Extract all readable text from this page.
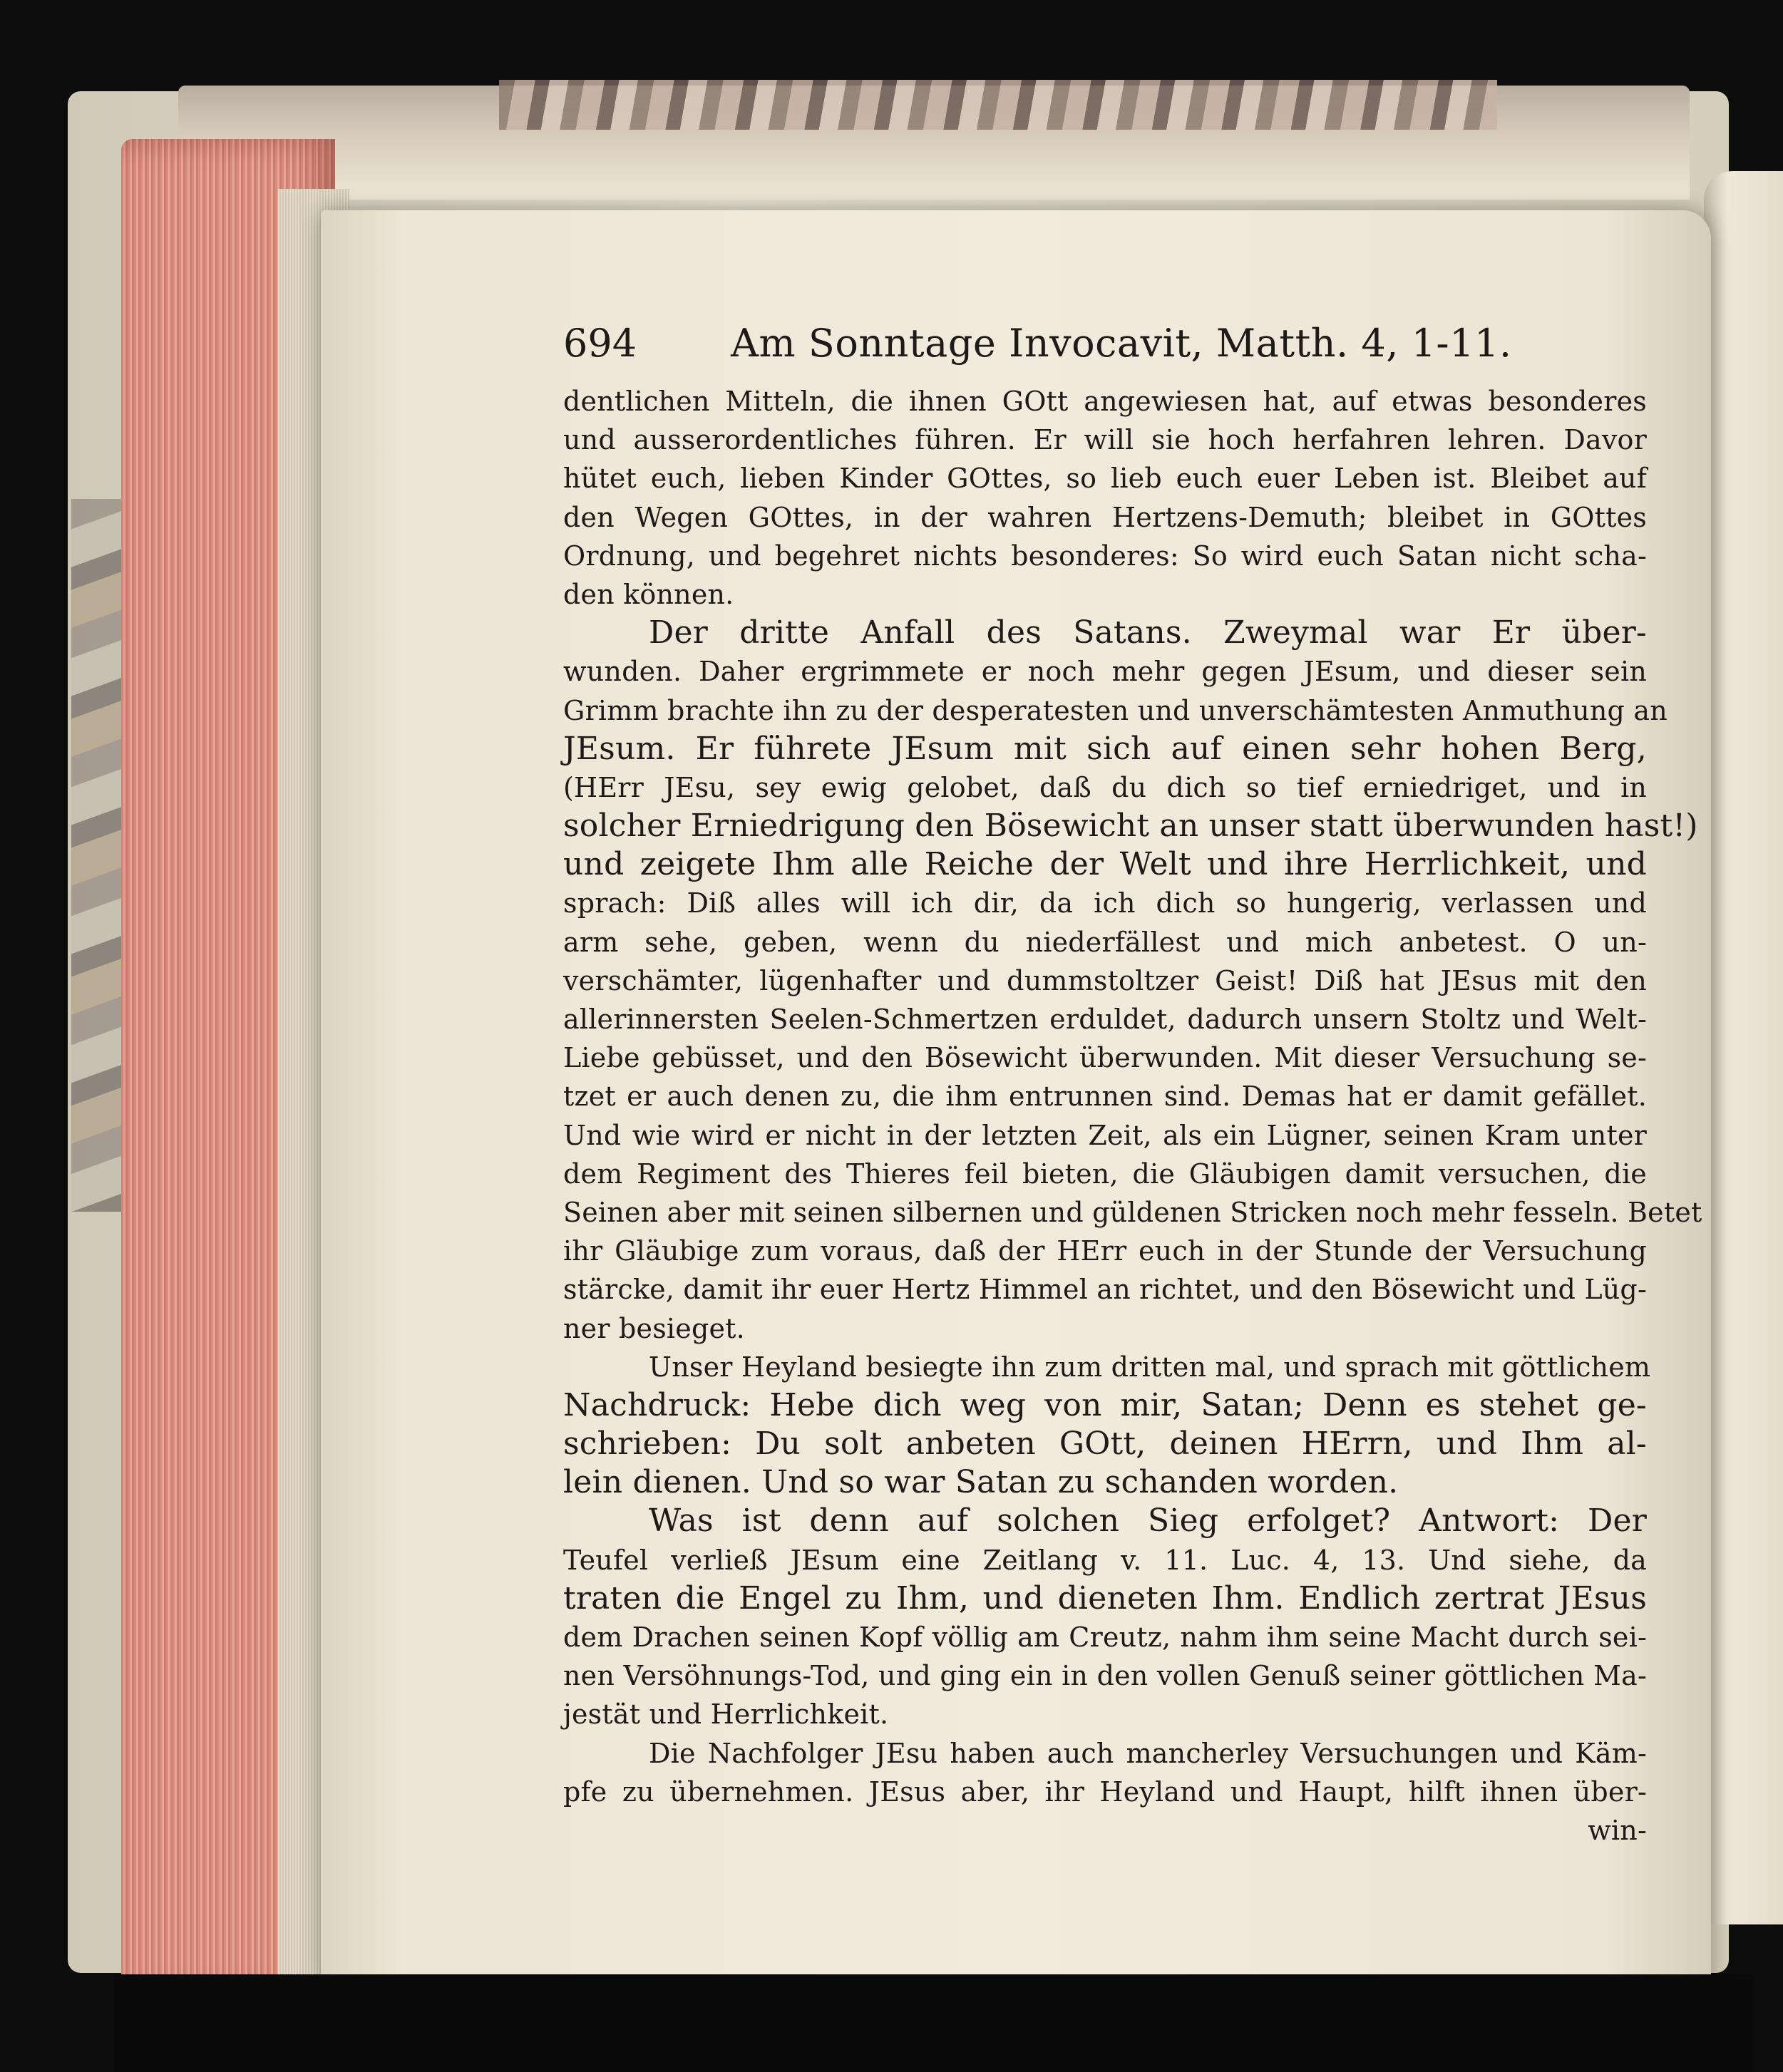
694	Am Sonntage Invocavit, Matth. 4, 1-11.
dentlichen Mitteln, die ihnen GOtt angewiesen hat, auf etwas besonderes
und ausserordentliches führen. Er will sie hoch herfahren lehren. Davor
hütet euch, lieben Kinder GOttes, so lieb euch euer Leben ist. Bleibet auf
den Wegen GOttes, in der wahren Hertzens-Demuth; bleibet in GOttes
Ordnung, und begehret nichts besonderes: So wird euch Satan nicht scha-
den können.
Der dritte Anfall des Satans. Zweymal war Er über-
wunden. Daher ergrimmete er noch mehr gegen JEsum, und dieser sein
Grimm brachte ihn zu der desperatesten und unverschämtesten Anmuthung an
JEsum. Er führete JEsum mit sich auf einen sehr hohen Berg,
(HErr JEsu, sey ewig gelobet, daß du dich so tief erniedriget, und in
solcher Erniedrigung den Bösewicht an unser statt überwunden hast!)
und zeigete Ihm alle Reiche der Welt und ihre Herrlichkeit, und
sprach: Diß alles will ich dir, da ich dich so hungerig, verlassen und
arm sehe, geben, wenn du niederfällest und mich anbetest. O un-
verschämter, lügenhafter und dummstoltzer Geist! Diß hat JEsus mit den
allerinnersten Seelen-Schmertzen erduldet, dadurch unsern Stoltz und Welt-
Liebe gebüsset, und den Bösewicht überwunden. Mit dieser Versuchung se-
tzet er auch denen zu, die ihm entrunnen sind. Demas hat er damit gefället.
Und wie wird er nicht in der letzten Zeit, als ein Lügner, seinen Kram unter
dem Regiment des Thieres feil bieten, die Gläubigen damit versuchen, die
Seinen aber mit seinen silbernen und güldenen Stricken noch mehr fesseln. Betet
ihr Gläubige zum voraus, daß der HErr euch in der Stunde der Versuchung
stärcke, damit ihr euer Hertz Himmel an richtet, und den Bösewicht und Lüg-
ner besieget.
Unser Heyland besiegte ihn zum dritten mal, und sprach mit göttlichem
Nachdruck: Hebe dich weg von mir, Satan; Denn es stehet ge-
schrieben: Du solt anbeten GOtt, deinen HErrn, und Ihm al-
lein dienen. Und so war Satan zu schanden worden.
Was ist denn auf solchen Sieg erfolget? Antwort: Der
Teufel verließ JEsum eine Zeitlang v. 11. Luc. 4, 13. Und siehe, da
traten die Engel zu Ihm, und dieneten Ihm. Endlich zertrat JEsus
dem Drachen seinen Kopf völlig am Creutz, nahm ihm seine Macht durch sei-
nen Versöhnungs-Tod, und ging ein in den vollen Genuß seiner göttlichen Ma-
jestät und Herrlichkeit.
Die Nachfolger JEsu haben auch mancherley Versuchungen und Käm-
pfe zu übernehmen. JEsus aber, ihr Heyland und Haupt, hilft ihnen über-
win-
